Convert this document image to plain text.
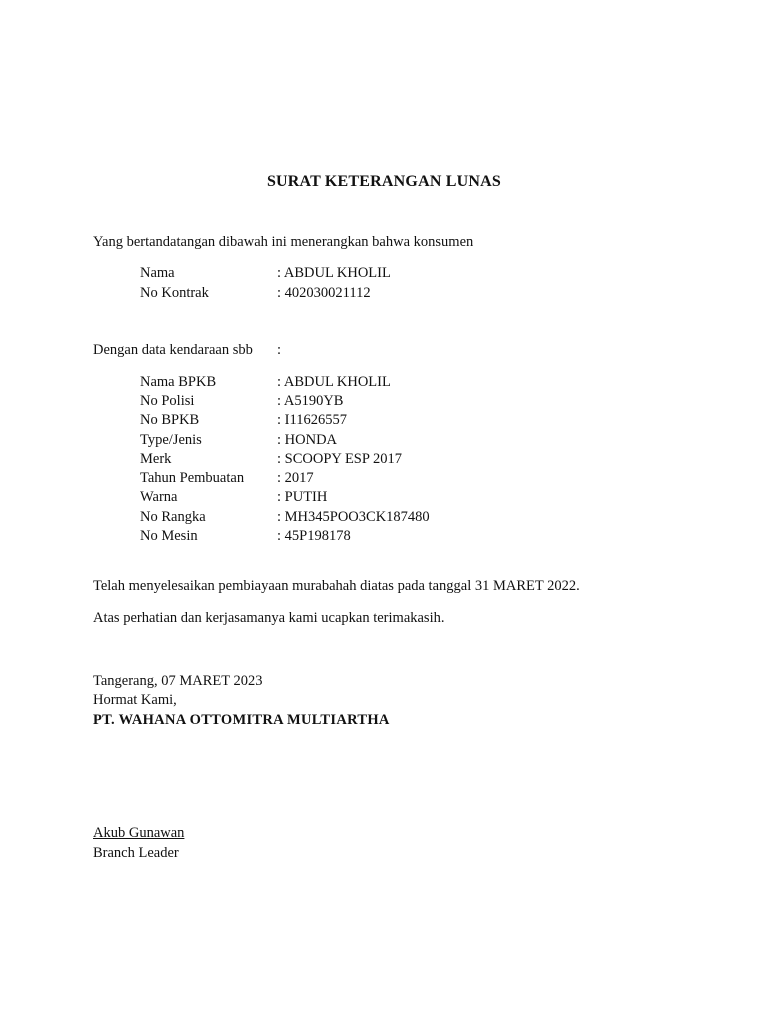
SURAT KETERANGAN LUNAS
Yang bertandatangan dibawah ini menerangkan bahwa konsumen
Nama	: ABDUL KHOLIL
No Kontrak	: 402030021112
Dengan data kendaraan sbb :
Nama BPKB	: ABDUL KHOLIL
No Polisi	: A5190YB
No BPKB	: I11626557
Type/Jenis	: HONDA
Merk	: SCOOPY ESP 2017
Tahun Pembuatan : 2017
Warna	: PUTIH
No Rangka	: MH345POO3CK187480
No Mesin	: 45P198178
Telah menyelesaikan pembiayaan murabahah diatas pada tanggal 31 MARET 2022.
Atas perhatian dan kerjasamanya kami ucapkan terimakasih.
Tangerang, 07 MARET 2023
Hormat Kami,
PT. WAHANA OTTOMITRA MULTIARTHA
Akub Gunawan
Branch Leader
